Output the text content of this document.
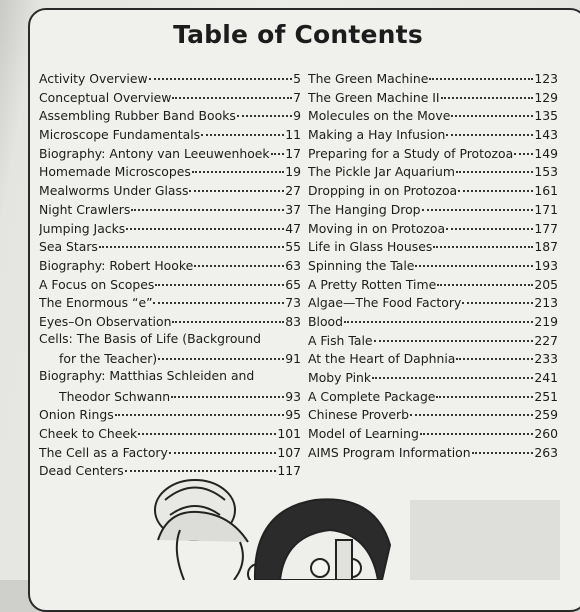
Table of Contents
Activity Overview	5
Conceptual Overview	7
Assembling Rubber Band Books	9
Microscope Fundamentals	11
Biography: Antony van Leeuwenhoek 17
Homemade Microscopes	19
Mealworms Under Glass	27
Night Crawlers	37
Jumping Jacks	47
Sea Stars	55
Biography: Robert Hooke	63
A Focus on Scopes	65
The Enormous “e”	73
Eyes–On Observation	83
Cells: The Basis of Life (Background
for the Teacher)	91
Biography: Matthias Schleiden and
Theodor Schwann	93
Onion Rings	95
Cheek to Cheek	101
The Cell as a Factory	107
Dead Centers	117
The Green Machine	123
The Green Machine II	129
Molecules on the Move	135
Making a Hay Infusion	143
Preparing for a Study of Protozoa 149
The Pickle Jar Aquarium	153
Dropping in on Protozoa	161
The Hanging Drop	171
Moving in on Protozoa	177
Life in Glass Houses	187
Spinning the Tale	193
A Pretty Rotten Time	205
Algae—The Food Factory	213
Blood	219
A Fish Tale	227
At the Heart of Daphnia	233
Moby Pink	241
A Complete Package	251
Chinese Proverb	259
Model of Learning	260
AIMS Program Information	263
